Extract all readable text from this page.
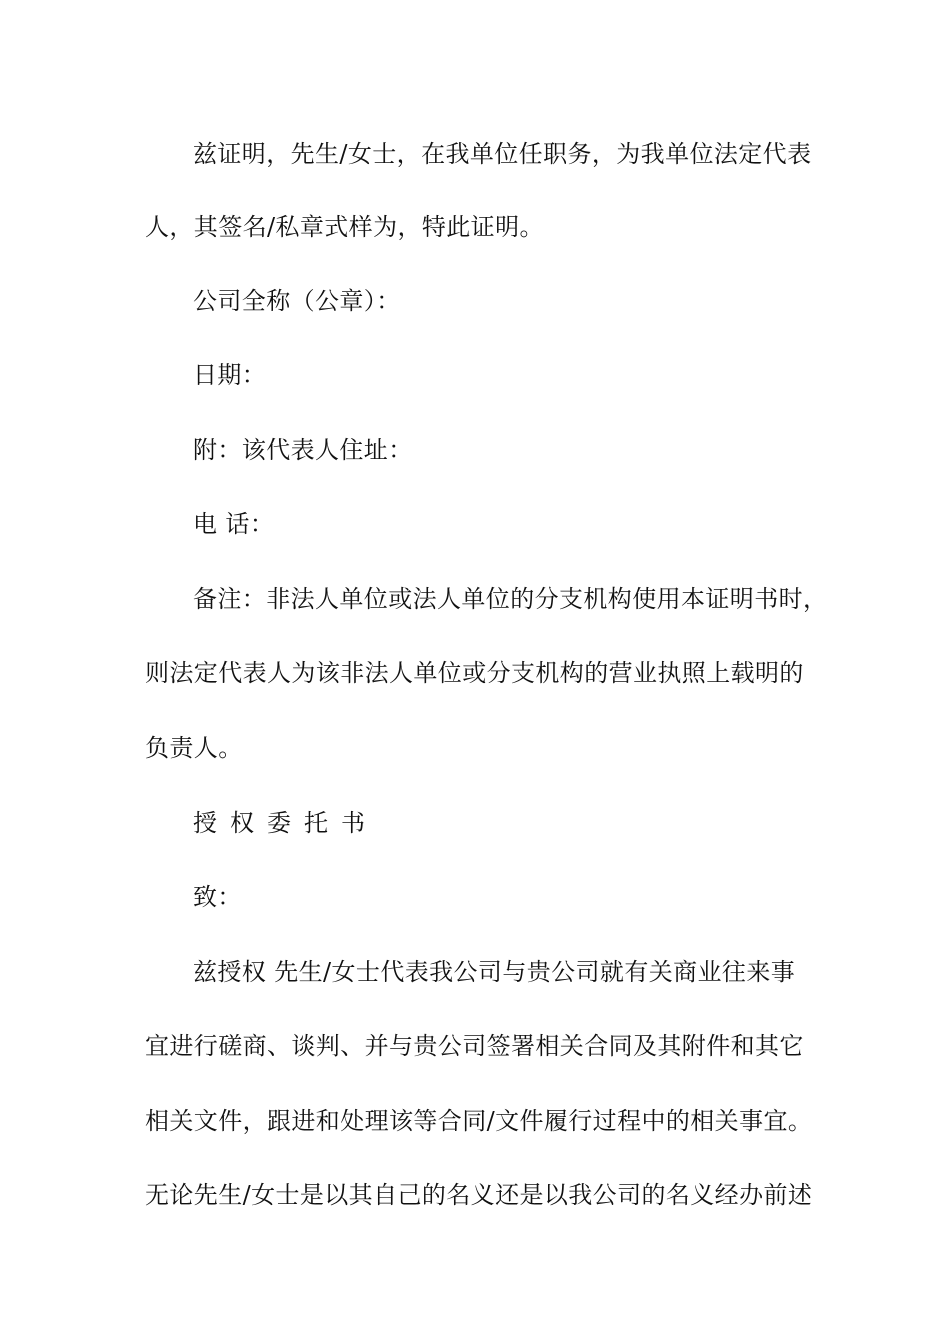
兹证明，先生/女士，在我单位任职务，为我单位法定代表
人，其签名/私章式样为，特此证明。
公司全称（公章）：
日期：
附：该代表人住址：
电 话：
备注：非法人单位或法人单位的分支机构使用本证明书时，
则法定代表人为该非法人单位或分支机构的营业执照上载明的
负责人。
授权委托书
致：
兹授权 先生/女士代表我公司与贵公司就有关商业往来事
宜进行磋商、谈判、并与贵公司签署相关合同及其附件和其它
相关文件，跟进和处理该等合同/文件履行过程中的相关事宜。
无论先生/女士是以其自己的名义还是以我公司的名义经办前述
